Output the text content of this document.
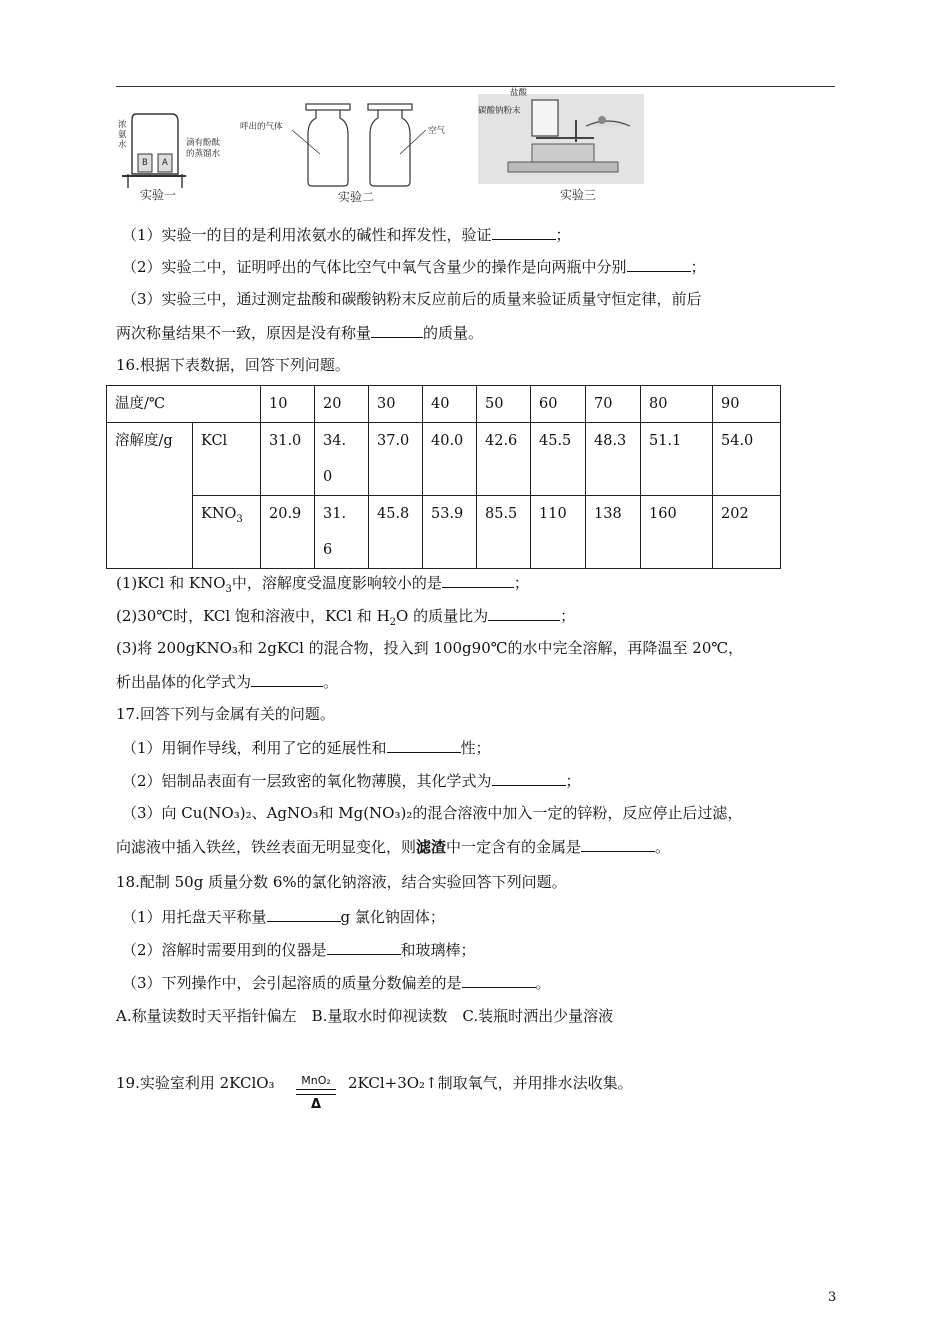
浓氨水	滴有酚酞的蒸馏水
B A
实验一
呼出的气体	空气
实验二
盐酸
碳酸钠粉末
实验三
（1）实验一的目的是利用浓氨水的碱性和挥发性，验证	；
（2）实验二中，证明呼出的气体比空气中氧气含量少的操作是向两瓶中分别	；
（3）实验三中，通过测定盐酸和碳酸钠粉末反应前后的质量来验证质量守恒定律，前后
两次称量结果不一致，原因是没有称量	的质量。
16.根据下表数据，回答下列问题。
温度/℃		10	20	30	40	50	60	70	80	90
溶解度/g	KCl	31.0	34.0	37.0	40.0	42.6	45.5	48.3	51.1	54.0
	$KNO_3$	20.9	31.6	45.8	53.9	85.5	110	138	160	202
(1)KCl 和 $KNO_3$中，溶解度受温度影响较小的是	；
(2)30℃时，KCl 饱和溶液中，KCl 和 $H_2O$ 的质量比为	；
(3)将 200gKNO₃和 2gKCl 的混合物，投入到 100g90℃的水中完全溶解，再降温至 20℃，
析出晶体的化学式为	。
17.回答下列与金属有关的问题。
（1）用铜作导线，利用了它的延展性和	性；
（2）铝制品表面有一层致密的氧化物薄膜，其化学式为	；
（3）向 Cu(NO₃)₂、AgNO₃和 Mg(NO₃)₂的混合溶液中加入一定的锌粉，反应停止后过滤，
向滤液中插入铁丝，铁丝表面无明显变化，则滤渣中一定含有的金属是	。
18.配制 50g 质量分数 6%的氯化钠溶液，结合实验回答下列问题。
（1）用托盘天平称量	g 氯化钠固体；
（2）溶解时需要用到的仪器是	和玻璃棒；
（3）下列操作中，会引起溶质的质量分数偏差的是	。
A.称量读数时天平指针偏左　B.量取水时仰视读数　C.装瓶时洒出少量溶液
19.实验室利用 2KClO₃	MnO₂
Δ
2KCl+3O₂↑制取氧气，并用排水法收集。
3
